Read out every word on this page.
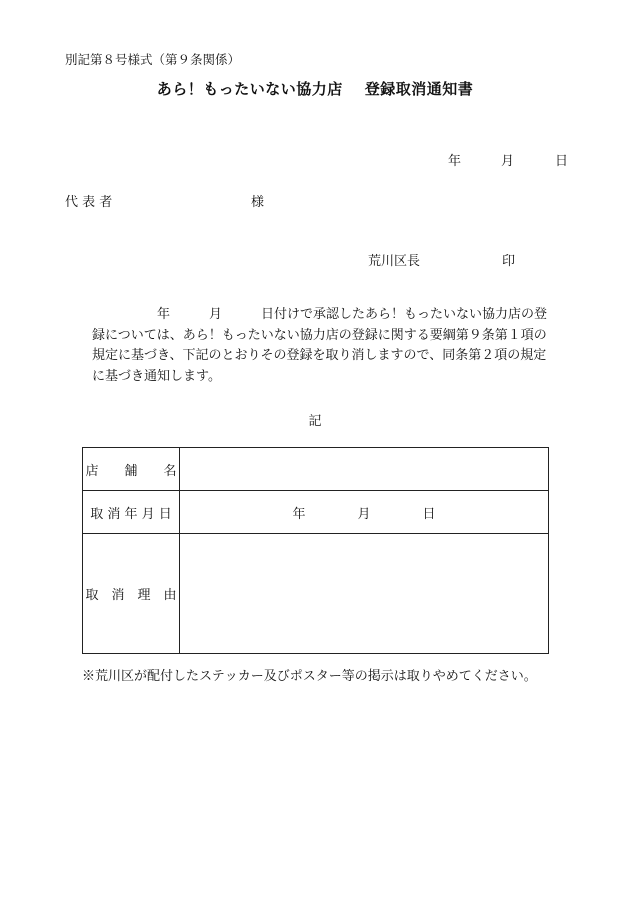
別記第８号様式（第９条関係）
あら！もったいない協力店 登録取消通知書
年	月	日
代 表 者	様
荒川区長	印
　　　　　年　　　月　　　日付けで承認したあら！もったいない協力店の登録については、あら！もったいない協力店の登録に関する要綱第９条第１項の規定に基づき、下記のとおりその登録を取り消しますので、同条第２項の規定に基づき通知します。
記
店　　舗　　名	
取 消 年 月 日	年　　　　月　　　　日
取　消　理　由	
※荒川区が配付したステッカー及びポスター等の掲示は取りやめてください。
